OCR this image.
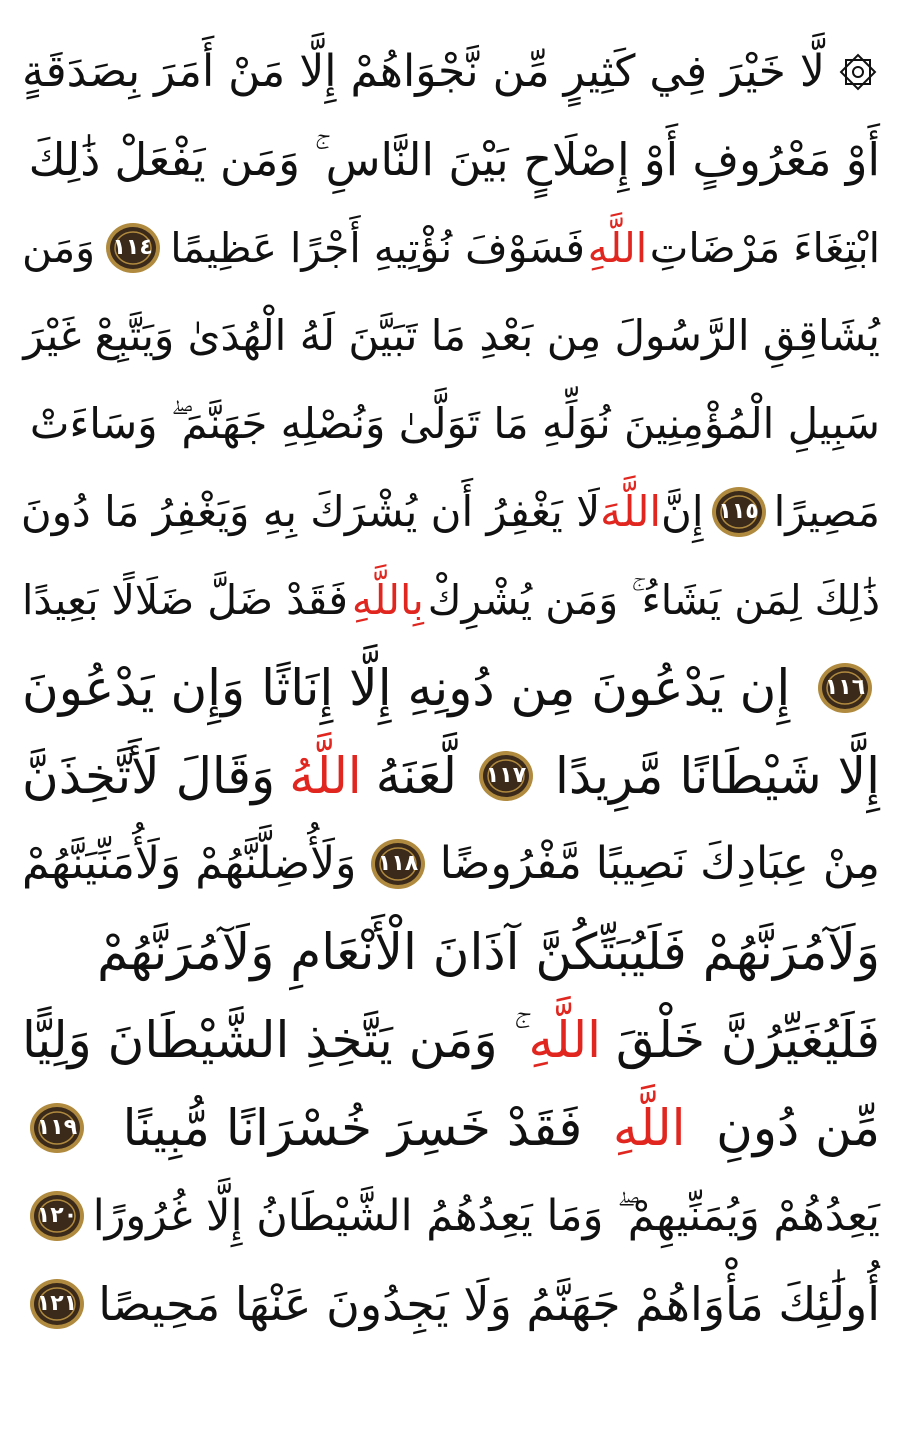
لَّا خَيْرَ فِي كَثِيرٍ مِّن نَّجْوَاهُمْ إِلَّا مَنْ أَمَرَ بِصَدَقَةٍ
أَوْ مَعْرُوفٍ أَوْ إِصْلَاحٍ بَيْنَ النَّاسِ ۚ وَمَن يَفْعَلْ ذَٰلِكَ
ابْتِغَاءَ مَرْضَاتِ
اللَّهِ
فَسَوْفَ نُؤْتِيهِ أَجْرًا عَظِيمًا
١١٤
وَمَن
يُشَاقِقِ الرَّسُولَ مِن بَعْدِ مَا تَبَيَّنَ لَهُ الْهُدَىٰ وَيَتَّبِعْ غَيْرَ
سَبِيلِ الْمُؤْمِنِينَ نُوَلِّهِ مَا تَوَلَّىٰ وَنُصْلِهِ جَهَنَّمَ ۖ وَسَاءَتْ
مَصِيرًا
١١٥
إِنَّ
اللَّهَ
لَا يَغْفِرُ أَن يُشْرَكَ بِهِ وَيَغْفِرُ مَا دُونَ
ذَٰلِكَ لِمَن يَشَاءُ ۚ وَمَن يُشْرِكْ
بِاللَّهِ
فَقَدْ ضَلَّ ضَلَالًا بَعِيدًا
١١٦
إِن يَدْعُونَ مِن دُونِهِ إِلَّا إِنَاثًا وَإِن يَدْعُونَ
إِلَّا شَيْطَانًا مَّرِيدًا
١١٧
لَّعَنَهُ
اللَّهُ
وَقَالَ لَأَتَّخِذَنَّ
مِنْ عِبَادِكَ نَصِيبًا مَّفْرُوضًا
١١٨
وَلَأُضِلَّنَّهُمْ وَلَأُمَنِّيَنَّهُمْ
وَلَآمُرَنَّهُمْ فَلَيُبَتِّكُنَّ آذَانَ الْأَنْعَامِ وَلَآمُرَنَّهُمْ
فَلَيُغَيِّرُنَّ خَلْقَ
اللَّهِ
ۚ وَمَن يَتَّخِذِ الشَّيْطَانَ وَلِيًّا
مِّن دُونِ
اللَّهِ
فَقَدْ خَسِرَ خُسْرَانًا مُّبِينًا
١١٩
يَعِدُهُمْ وَيُمَنِّيهِمْ ۖ وَمَا يَعِدُهُمُ الشَّيْطَانُ إِلَّا غُرُورًا
١٢٠
أُولَٰئِكَ مَأْوَاهُمْ جَهَنَّمُ وَلَا يَجِدُونَ عَنْهَا مَحِيصًا
١٢١
